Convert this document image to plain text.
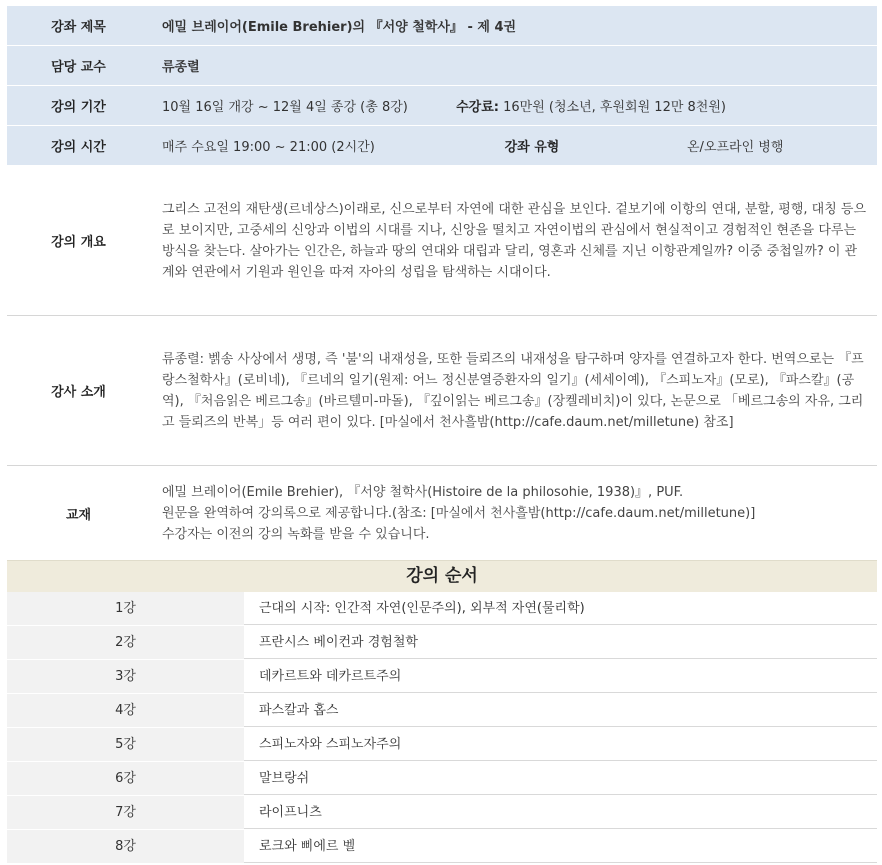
강좌 제목	에밀 브레이어(Emile Brehier)의 『서양 철학사』 - 제 4권
담당 교수	류종렬
강의 기간	10월 16일 개강 ~ 12월 4일 종강 (총 8강)	수강료: 16만원 (청소년, 후원회원 12만 8천원)
강의 시간	매주 수요일 19:00 ~ 21:00 (2시간)	강좌 유형	온/오프라인 병행
강의 개요
그리스 고전의 재탄생(르네상스)이래로, 신으로부터 자연에 대한 관심을 보인다. 겉보기에 이항의 연대, 분할, 평행, 대칭 등으로 보이지만, 고중세의 신앙과 이법의 시대를 지나, 신앙을 떨치고 자연이법의 관심에서 현실적이고 경험적인 현존을 다루는 방식을 찾는다. 살아가는 인간은, 하늘과 땅의 연대와 대립과 달리, 영혼과 신체를 지닌 이항관계일까? 이중 중첩일까? 이 관계와 연관에서 기원과 원인을 따져 자아의 성립을 탐색하는 시대이다.
강사 소개
류종렬: 벩송 사상에서 생명, 즉 '불'의 내재성을, 또한 들뢰즈의 내재성을 탐구하며 양자를 연결하고자 한다. 번역으로는 『프랑스철학사』(로비네), 『르네의 일기(원제: 어느 정신분열증환자의 일기』(세세이예), 『스피노자』(모로), 『파스칼』(공역), 『처음읽은 베르그송』(바르텔미-마돌), 『깊이읽는 베르그송』(장켈레비치)이 있다, 논문으로 「베르그송의 자유, 그리고 들뢰즈의 반복」등 여러 편이 있다. [마실에서 천사흘밤(http://cafe.daum.net/milletune) 참조]
교재
에밀 브레이어(Emile Brehier), 『서양 철학사(Histoire de la philosohie, 1938)』, PUF.
원문을 완역하여 강의록으로 제공합니다.(참조: [마실에서 천사흘밤(http://cafe.daum.net/milletune)]
수강자는 이전의 강의 녹화를 받을 수 있습니다.
강의 순서
1강	근대의 시작: 인간적 자연(인문주의), 외부적 자연(물리학)
2강	프란시스 베이컨과 경험철학
3강	데카르트와 데카르트주의
4강	파스칼과 홉스
5강	스피노자와 스피노자주의
6강	말브랑쉬
7강	라이프니츠
8강	로크와 삐에르 벨
